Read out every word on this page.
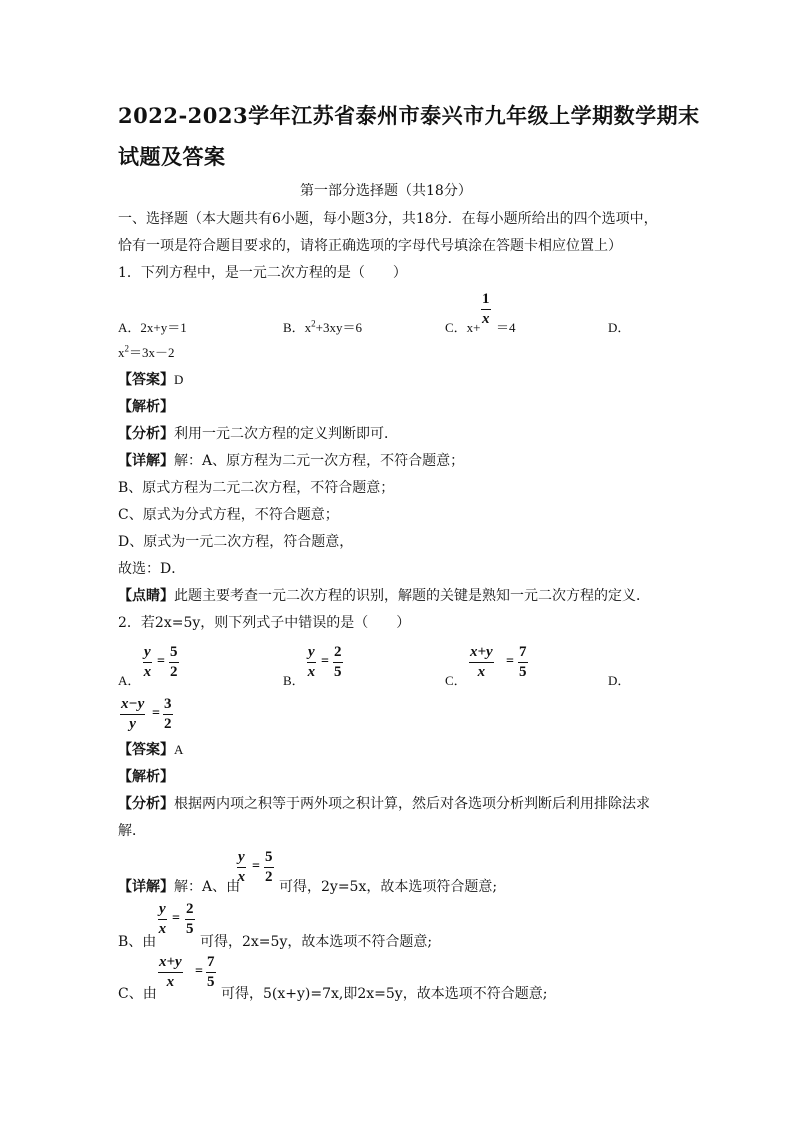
2022-2023学年江苏省泰州市泰兴市九年级上学期数学期末
试题及答案
第一部分选择题（共18分）
一、选择题（本大题共有6小题，每小题3分，共18分．在每小题所给出的四个选项中，
恰有一项是符合题目要求的，请将正确选项的字母代号填涂在答题卡相应位置上）
1．下列方程中，是一元二次方程的是（　　）
A．2x+y＝1	B．$x^2+3xy=6$	C．x+
1
x
＝4	D．
$x^2=3x-2$
【答案】D
【解析】
【分析】利用一元二次方程的定义判断即可．
【详解】解：A、原方程为二元一次方程，不符合题意；
B、原式方程为二元二次方程，不符合题意；
C、原式为分式方程，不符合题意；
D、原式为一元二次方程，符合题意，
故选：D．
【点睛】此题主要考查一元二次方程的识别，解题的关键是熟知一元二次方程的定义．
2．若2x=5y，则下列式子中错误的是（　　）
A．
y
x
=
5
2
B．
y
x
=
2
5
C．
x+y
x
=
7
5
D．
x−y
y
=
3
2
【答案】A
【解析】
【分析】根据两内项之积等于两外项之积计算，然后对各选项分析判断后利用排除法求
解．
【详解】解：A、由
y
x
=
5
2
可得，2y=5x，故本选项符合题意;
B、由
y
x
=
2
5
可得，2x=5y，故本选项不符合题意;
C、由
x+y
x
=
7
5
可得，5(x+y)=7x,即2x=5y，故本选项不符合题意;
